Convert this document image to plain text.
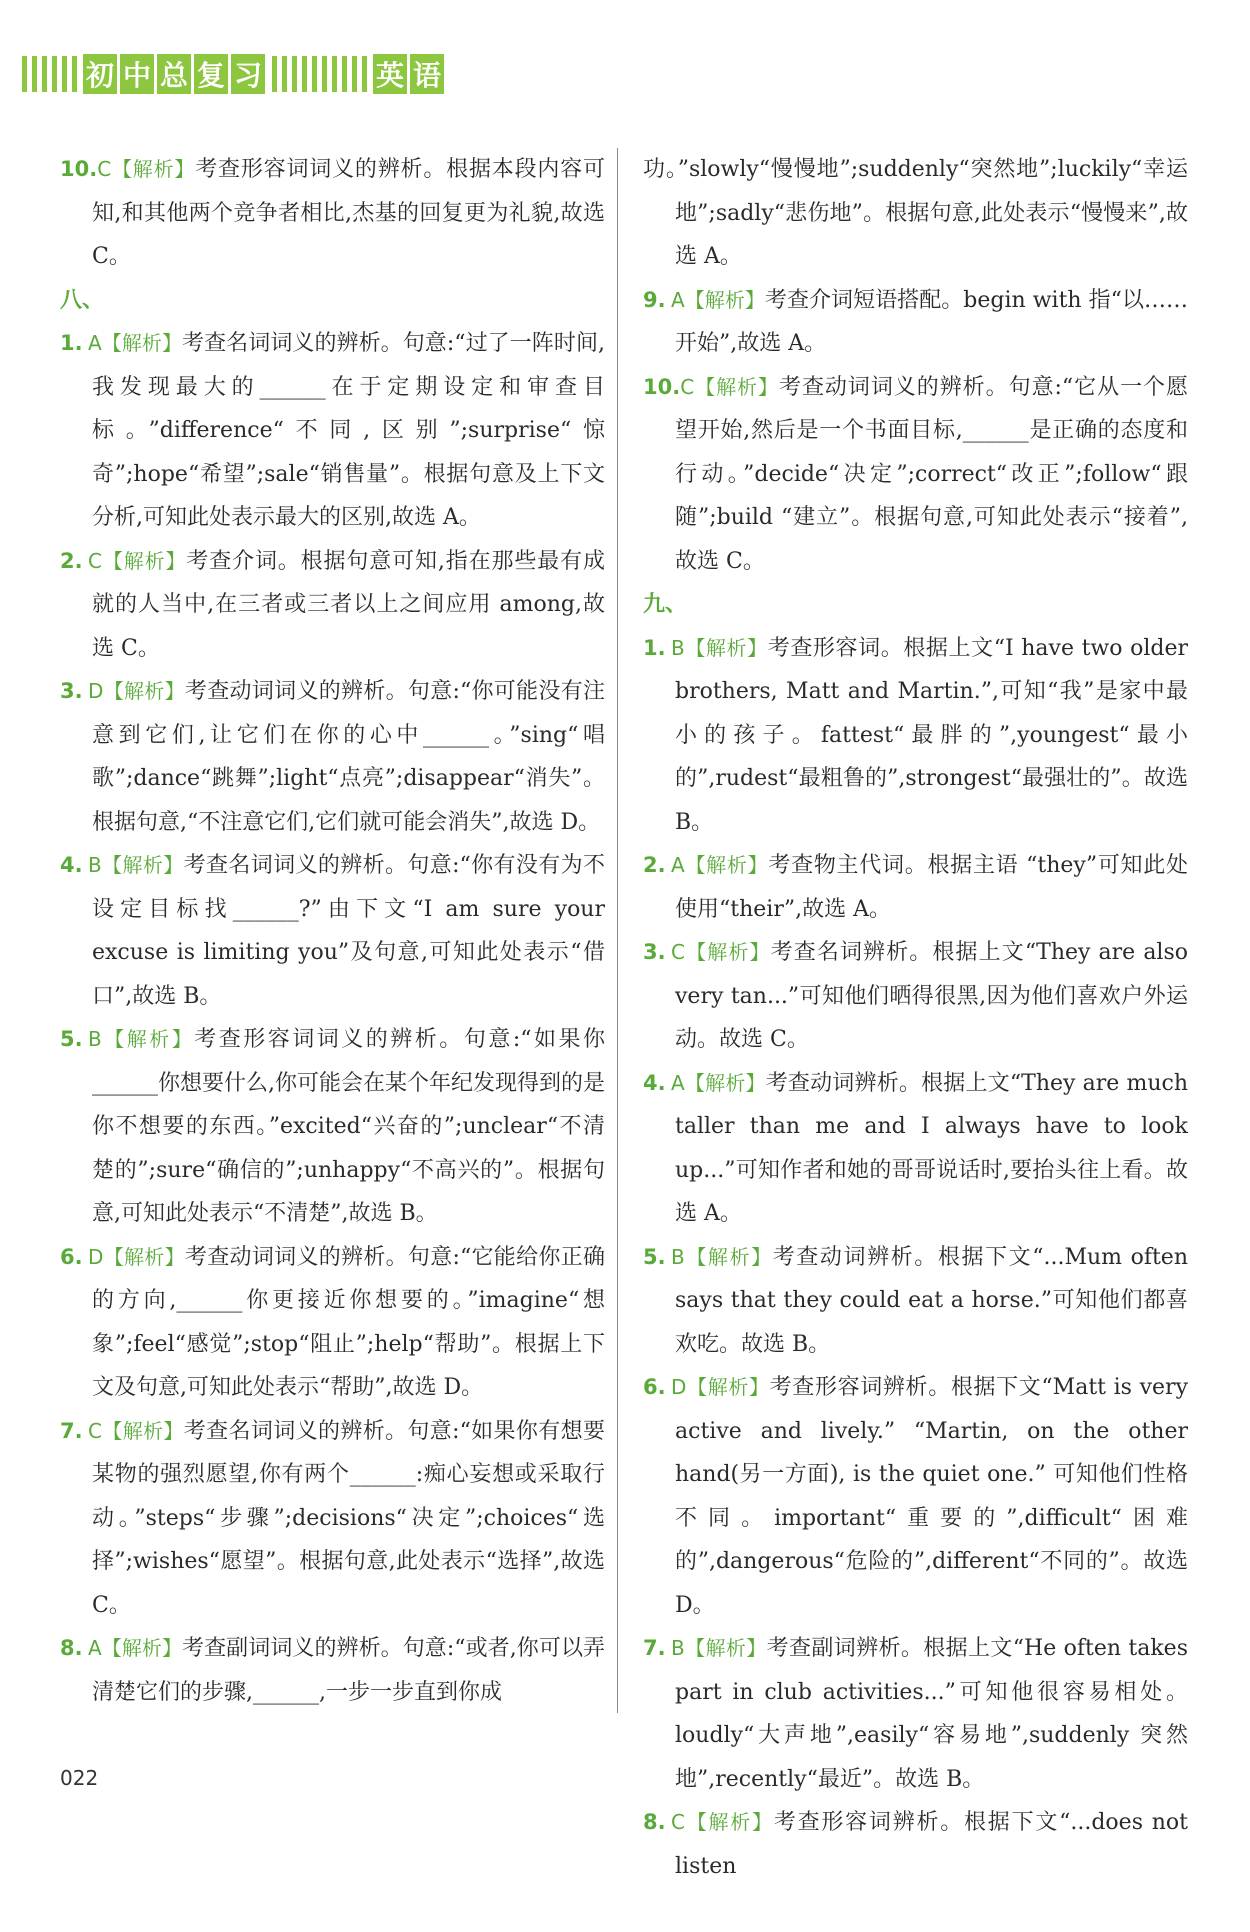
初 中 总 复 习	英 语
10.C【解析】考查形容词词义的辨析。根据本段内容可知,和其他两个竞争者相比,杰基的回复更为礼貌,故选 C。
八、
1. A【解析】考查名词词义的辨析。句意:“过了一阵时间,我发现最大的______在于定期设定和审查目标。”difference“不同,区别”;surprise“惊奇”;hope“希望”;sale“销售量”。根据句意及上下文分析,可知此处表示最大的区别,故选 A。
2. C【解析】考查介词。根据句意可知,指在那些最有成就的人当中,在三者或三者以上之间应用 among,故选 C。
3. D【解析】考查动词词义的辨析。句意:“你可能没有注意到它们,让它们在你的心中______。”sing“唱歌”;dance“跳舞”;light“点亮”;disappear“消失”。根据句意,“不注意它们,它们就可能会消失”,故选 D。
4. B【解析】考查名词词义的辨析。句意:“你有没有为不设定目标找______?”由下文“I am sure your excuse is limiting you”及句意,可知此处表示“借口”,故选 B。
5. B【解析】考查形容词词义的辨析。句意:“如果你______你想要什么,你可能会在某个年纪发现得到的是你不想要的东西。”excited“兴奋的”;unclear“不清楚的”;sure“确信的”;unhappy“不高兴的”。根据句意,可知此处表示“不清楚”,故选 B。
6. D【解析】考查动词词义的辨析。句意:“它能给你正确的方向,______你更接近你想要的。”imagine“想象”;feel“感觉”;stop“阻止”;help“帮助”。根据上下文及句意,可知此处表示“帮助”,故选 D。
7. C【解析】考查名词词义的辨析。句意:“如果你有想要某物的强烈愿望,你有两个______:痴心妄想或采取行动。”steps“步骤”;decisions“决定”;choices“选择”;wishes“愿望”。根据句意,此处表示“选择”,故选 C。
8. A【解析】考查副词词义的辨析。句意:“或者,你可以弄清楚它们的步骤,______,一步一步直到你成
功。”slowly“慢慢地”;suddenly“突然地”;luckily“幸运地”;sadly“悲伤地”。根据句意,此处表示“慢慢来”,故选 A。
9. A【解析】考查介词短语搭配。begin with 指“以……开始”,故选 A。
10.C【解析】考查动词词义的辨析。句意:“它从一个愿望开始,然后是一个书面目标,______是正确的态度和行动。”decide“决定”;correct“改正”;follow“跟随”;build “建立”。根据句意,可知此处表示“接着”,故选 C。
九、
1. B【解析】考查形容词。根据上文“I have two older brothers, Matt and Martin.”,可知“我”是家中最小的孩子。fattest“最胖的”,youngest“最小的”,rudest“最粗鲁的”,strongest“最强壮的”。故选 B。
2. A【解析】考查物主代词。根据主语 “they”可知此处使用“their”,故选 A。
3. C【解析】考查名词辨析。根据上文“They are also very tan...”可知他们晒得很黑,因为他们喜欢户外运动。故选 C。
4. A【解析】考查动词辨析。根据上文“They are much taller than me and I always have to look up...”可知作者和她的哥哥说话时,要抬头往上看。故选 A。
5. B【解析】考查动词辨析。根据下文“...Mum often says that they could eat a horse.”可知他们都喜欢吃。故选 B。
6. D【解析】考查形容词辨析。根据下文“Matt is very active and lively.” “Martin, on the other hand(另一方面), is the quiet one.” 可知他们性格不同。important“重要的”,difficult“困难的”,dangerous“危险的”,different“不同的”。故选 D。
7. B【解析】考查副词辨析。根据上文“He often takes part in club activities...”可知他很容易相处。loudly“大声地”,easily“容易地”,suddenly 突然地”,recently“最近”。故选 B。
8. C【解析】考查形容词辨析。根据下文“...does not listen
022
